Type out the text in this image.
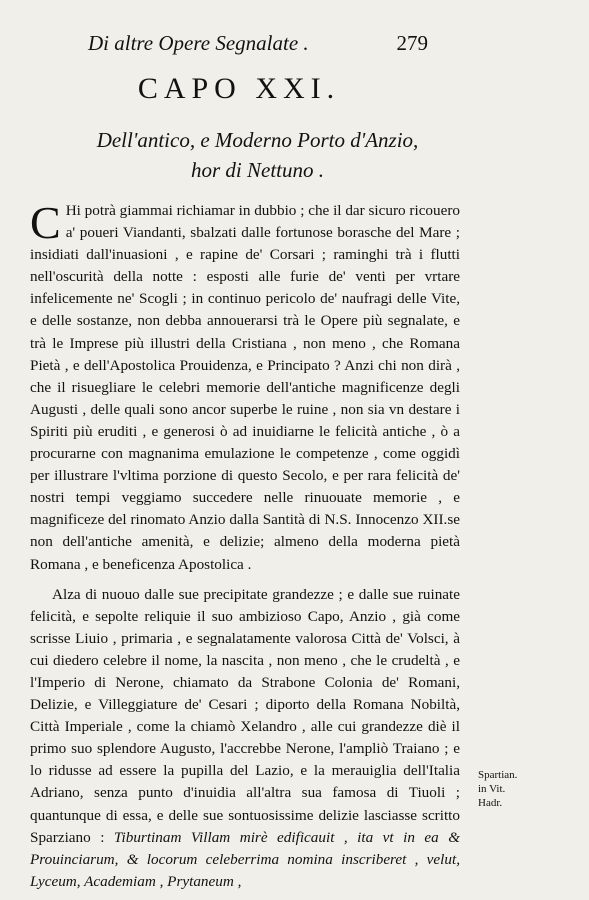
Di altre Opere Segnalate .	279
CAPO XXI.
Dell'antico, e Moderno Porto d'Anzio,
hor di Nettuno .

C Hi potrà giammai richiamar in dubbio ; che il dar sicuro ricouero a' poueri Viandanti, sbalzati dalle fortunose borasche del Mare ; insidiati dall'inuasioni , e rapine de' Corsari ; raminghi trà i flutti nell'oscurità della notte : esposti alle furie de' venti per vrtare infelicemente ne' Scogli ; in continuo pericolo de' naufragi delle Vite, e delle sostanze, non debba annouerarsi trà le Opere più segnalate, e trà le Imprese più illustri della Cristiana , non meno , che Romana Pietà , e dell'Apostolica Prouidenza, e Principato ? Anzi chi non dirà , che il risuegliare le celebri memorie dell'antiche magnificenze degli Augusti , delle quali sono ancor superbe le ruine , non sia vn destare i Spiriti più eruditi , e generosi ò ad inuidiarne le felicità antiche , ò a procurarne con magnanima emulazione le competenze , come oggidì per illustrare l'vltima porzione di questo Secolo, e per rara felicità de' nostri tempi veggiamo succedere nelle rinuouate memorie , e magnificeze del rinomato Anzio dalla Santità di N.S. Innocenzo XII.se non dell'antiche amenità, e delizie; almeno della moderna pietà Romana , e beneficenza Apostolica .

Alza di nuouo dalle sue precipitate grandezze ; e dalle sue ruinate felicità, e sepolte reliquie il suo ambizioso Capo, Anzio , già come scrisse Liuio , primaria , e segnalatamente valorosa Città de' Volsci, à cui diedero celebre il nome, la nascita , non meno , che le crudeltà , e l'Imperio di Nerone, chiamato da Strabone Colonia de' Romani, Delizie, e Villeggiature de' Cesari ; diporto della Romana Nobiltà, Città Imperiale , come la chiamò Xelandro , alle cui grandezze diè il primo suo splendore Augusto, l'accrebbe Nerone, l'ampliò Traiano ; e lo ridusse ad essere la pupilla del Lazio, e la merauiglia dell'Italia Adriano, senza punto d'inuidia all'altra sua famosa di Tiuoli ; quantunque di essa, e delle sue sontuosissime delizie lasciasse scritto Sparziano : Tiburtinam Villam mirè edificauit , ita vt in ea & Prouinciarum, & locorum celeberrima nomina inscriberet , velut, Lyceum, Academiam , Prytaneum ,

Spartian.
in Vit.
Hadr.
